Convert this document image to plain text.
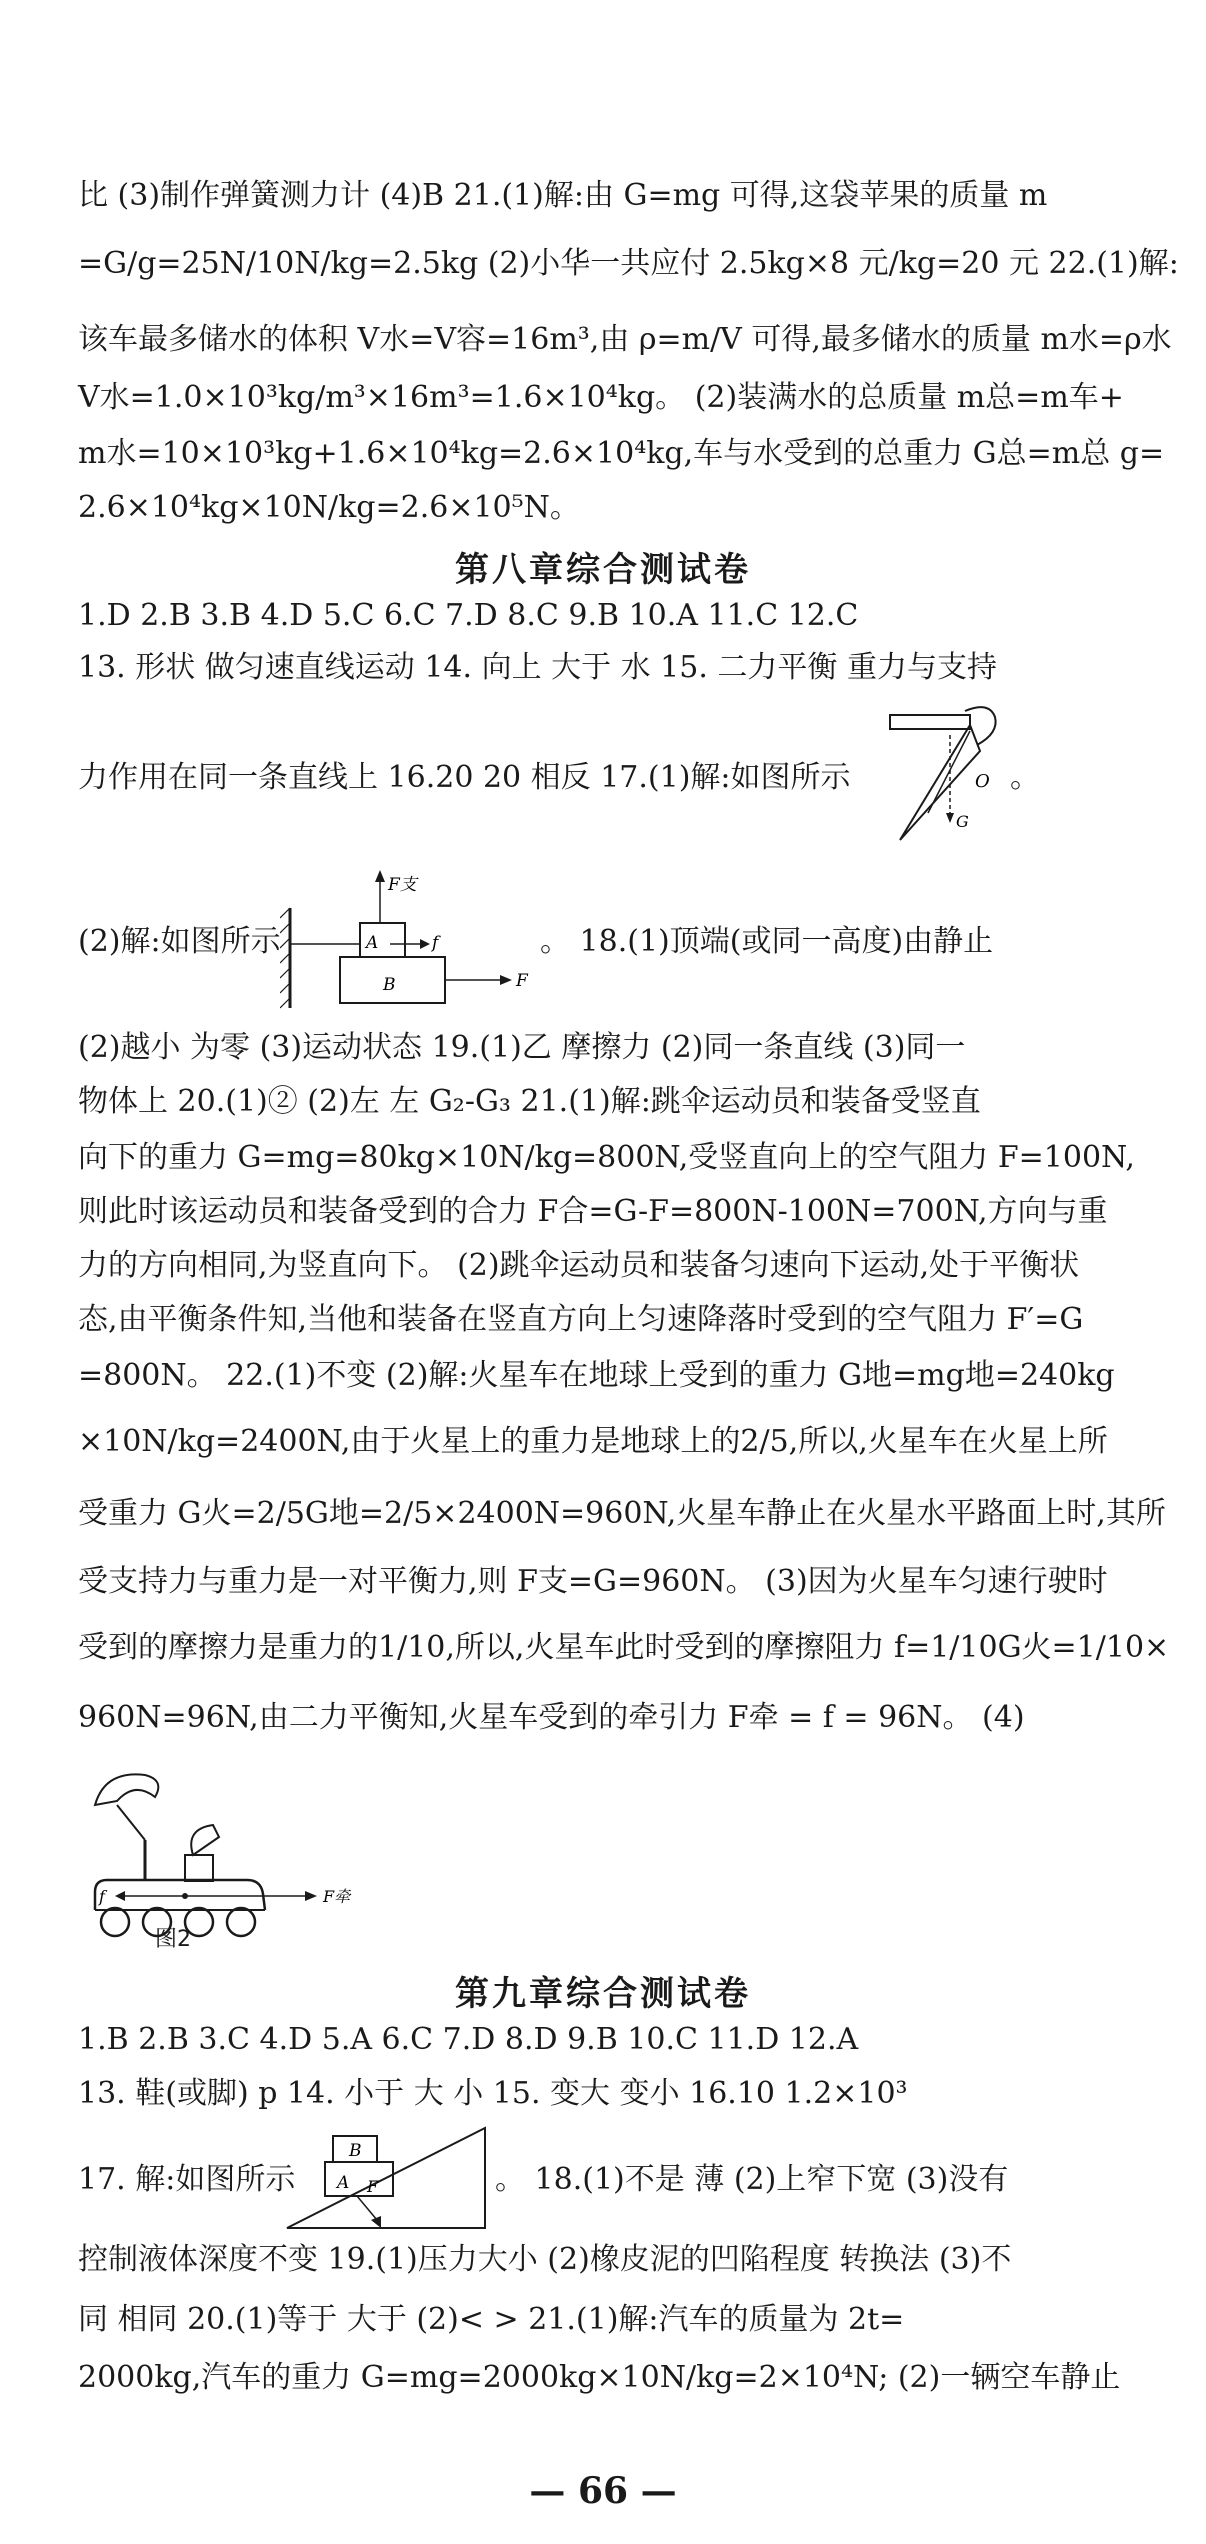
比 (3)制作弹簧测力计 (4)B 21.(1)解:由 G=mg 可得,这袋苹果的质量 m
=G/g=25N/10N/kg=2.5kg (2)小华一共应付 2.5kg×8 元/kg=20 元 22.(1)解:
该车最多储水的体积 V水=V容=16m³,由 ρ=m/V 可得,最多储水的质量 m水=ρ水
V水=1.0×10³kg/m³×16m³=1.6×10⁴kg。 (2)装满水的总质量 m总=m车+
m水=10×10³kg+1.6×10⁴kg=2.6×10⁴kg,车与水受到的总重力 G总=m总 g=
2.6×10⁴kg×10N/kg=2.6×10⁵N。
第八章综合测试卷
1.D 2.B 3.B 4.D 5.C 6.C 7.D 8.C 9.B 10.A 11.C 12.C
13. 形状 做匀速直线运动 14. 向上 大于 水 15. 二力平衡 重力与支持
力作用在同一条直线上 16.20 20 相反 17.(1)解:如图所示	。
O
G
(2)解:如图所示	。 18.(1)顶端(或同一高度)由静止
F支
A	f
B	F
(2)越小 为零 (3)运动状态 19.(1)乙 摩擦力 (2)同一条直线 (3)同一
物体上 20.(1)② (2)左 左 G₂-G₃ 21.(1)解:跳伞运动员和装备受竖直
向下的重力 G=mg=80kg×10N/kg=800N,受竖直向上的空气阻力 F=100N,
则此时该运动员和装备受到的合力 F合=G-F=800N-100N=700N,方向与重
力的方向相同,为竖直向下。 (2)跳伞运动员和装备匀速向下运动,处于平衡状
态,由平衡条件知,当他和装备在竖直方向上匀速降落时受到的空气阻力 F′=G
=800N。 22.(1)不变 (2)解:火星车在地球上受到的重力 G地=mg地=240kg
×10N/kg=2400N,由于火星上的重力是地球上的2/5,所以,火星车在火星上所
受重力 G火=2/5G地=2/5×2400N=960N,火星车静止在火星水平路面上时,其所
受支持力与重力是一对平衡力,则 F支=G=960N。 (3)因为火星车匀速行驶时
受到的摩擦力是重力的1/10,所以,火星车此时受到的摩擦阻力 f=1/10G火=1/10×
960N=96N,由二力平衡知,火星车受到的牵引力 F牵 = f = 96N。 (4)
f	F牵
图2
第九章综合测试卷
1.B 2.B 3.C 4.D 5.A 6.C 7.D 8.D 9.B 10.C 11.D 12.A
13. 鞋(或脚) p 14. 小于 大 小 15. 变大 变小 16.10 1.2×10³
17. 解:如图所示	。 18.(1)不是 薄 (2)上窄下宽 (3)没有
B
A F
控制液体深度不变 19.(1)压力大小 (2)橡皮泥的凹陷程度 转换法 (3)不
同 相同 20.(1)等于 大于 (2)< > 21.(1)解:汽车的质量为 2t=
2000kg,汽车的重力 G=mg=2000kg×10N/kg=2×10⁴N; (2)一辆空车静止
— 66 —
